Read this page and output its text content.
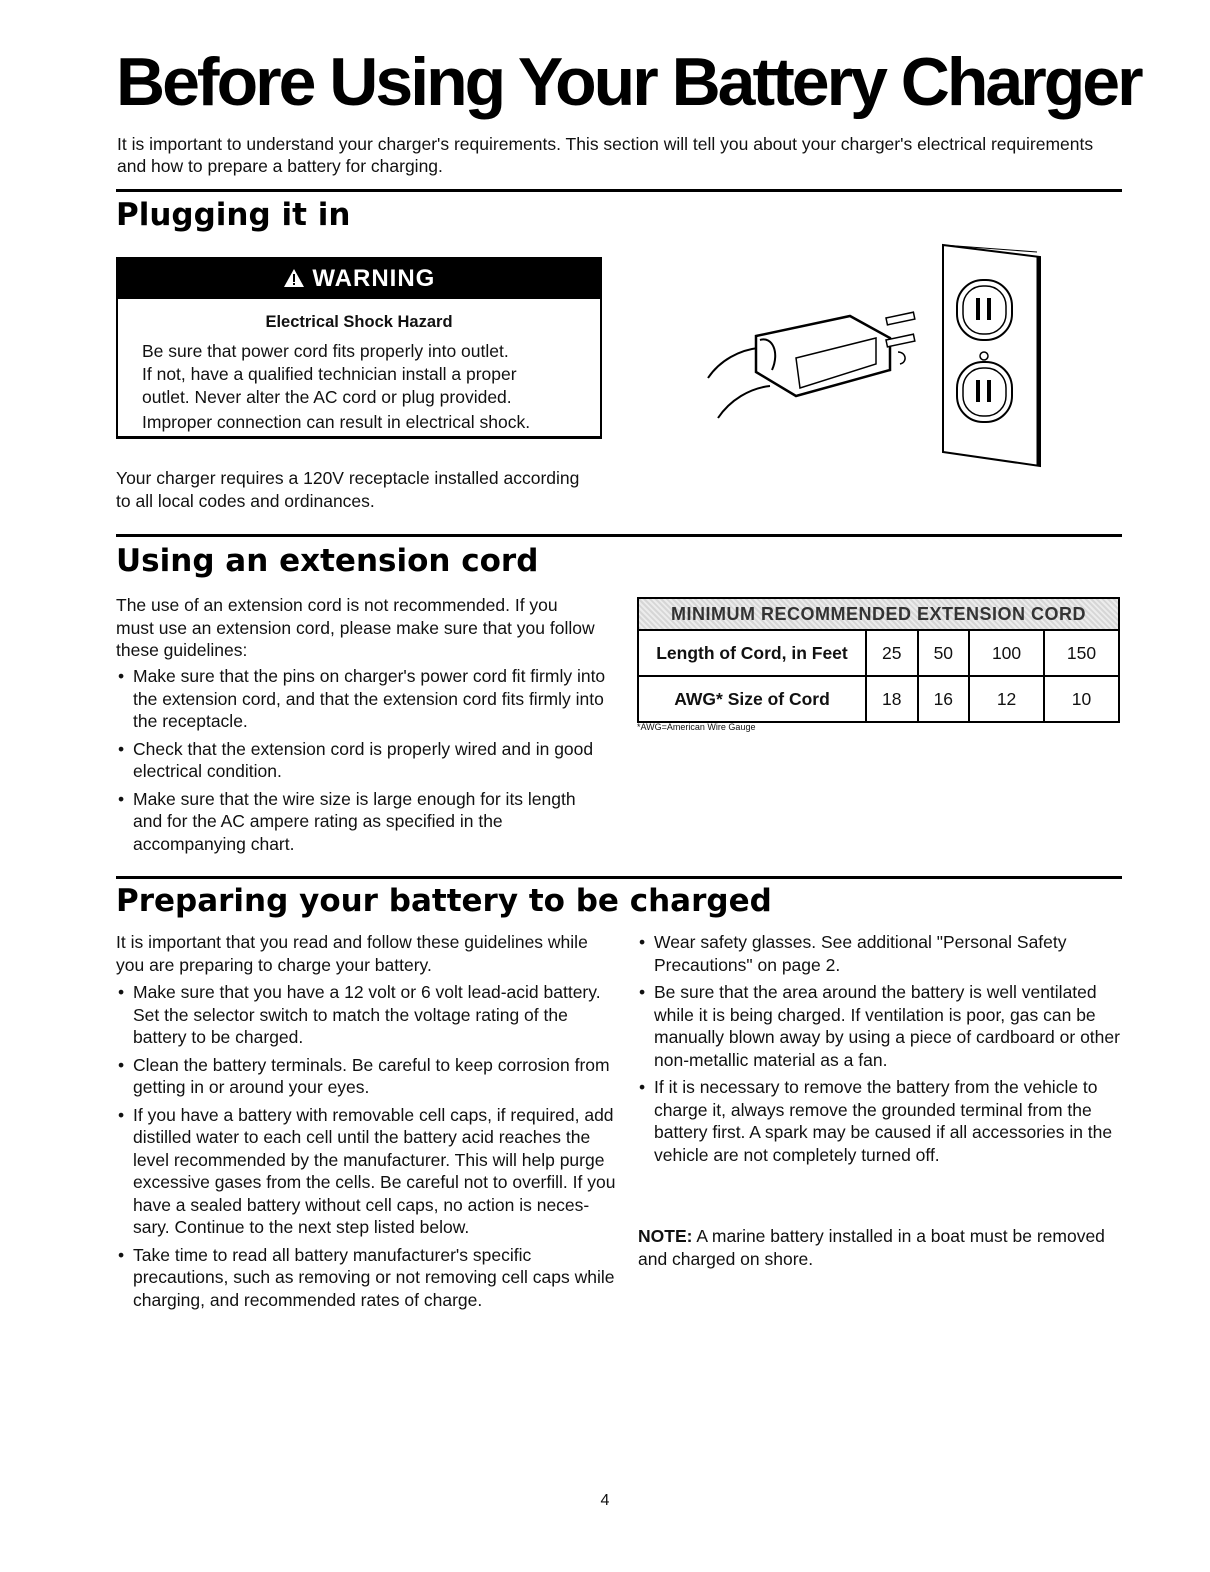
Before Using Your Battery Charger

It is important to understand your charger's requirements. This section will tell you about your charger's electrical requirements and how to prepare a battery for charging.

Plugging it in
WARNING
Electrical Shock Hazard
Be sure that power cord fits properly into outlet.
If not, have a qualified technician install a proper
outlet. Never alter the AC cord or plug provided.
Improper connection can result in electrical shock.

Your charger requires a 120V receptacle installed according to all local codes and ordinances.

Using an extension cord

The use of an extension cord is not recommended. If you must use an extension cord, please make sure that you follow these guidelines:

• Make sure that the pins on charger's power cord fit firmly into the extension cord, and that the extension cord fits firmly into the receptacle.
• Check that the extension cord is properly wired and in good electrical condition.
• Make sure that the wire size is large enough for its length and for the AC ampere rating as specified in the accompanying chart.
MINIMUM RECOMMENDED EXTENSION CORD				
Length of Cord, in Feet	25	50	100	150
AWG* Size of Cord	18	16	12	10
*AWG=American Wire Gauge
Preparing your battery to be charged

It is important that you read and follow these guidelines while you are preparing to charge your battery.

• Make sure that you have a 12 volt or 6 volt lead-acid battery. Set the selector switch to match the voltage rating of the battery to be charged.
• Clean the battery terminals. Be careful to keep corrosion from getting in or around your eyes.
• If you have a battery with removable cell caps, if required, add distilled water to each cell until the battery acid reaches the level recommended by the manufacturer. This will help purge excessive gases from the cells. Be careful not to overfill. If you have a sealed battery without cell caps, no action is neces-sary. Continue to the next step listed below.
• Take time to read all battery manufacturer's specific precautions, such as removing or not removing cell caps while charging, and recommended rates of charge.
• Wear safety glasses. See additional "Personal Safety Precautions" on page 2.
• Be sure that the area around the battery is well ventilated while it is being charged. If ventilation is poor, gas can be manually blown away by using a piece of cardboard or other non-metallic material as a fan.
• If it is necessary to remove the battery from the vehicle to charge it, always remove the grounded terminal from the battery first. A spark may be caused if all accessories in the vehicle are not completely turned off.

NOTE: A marine battery installed in a boat must be removed and charged on shore.

4
